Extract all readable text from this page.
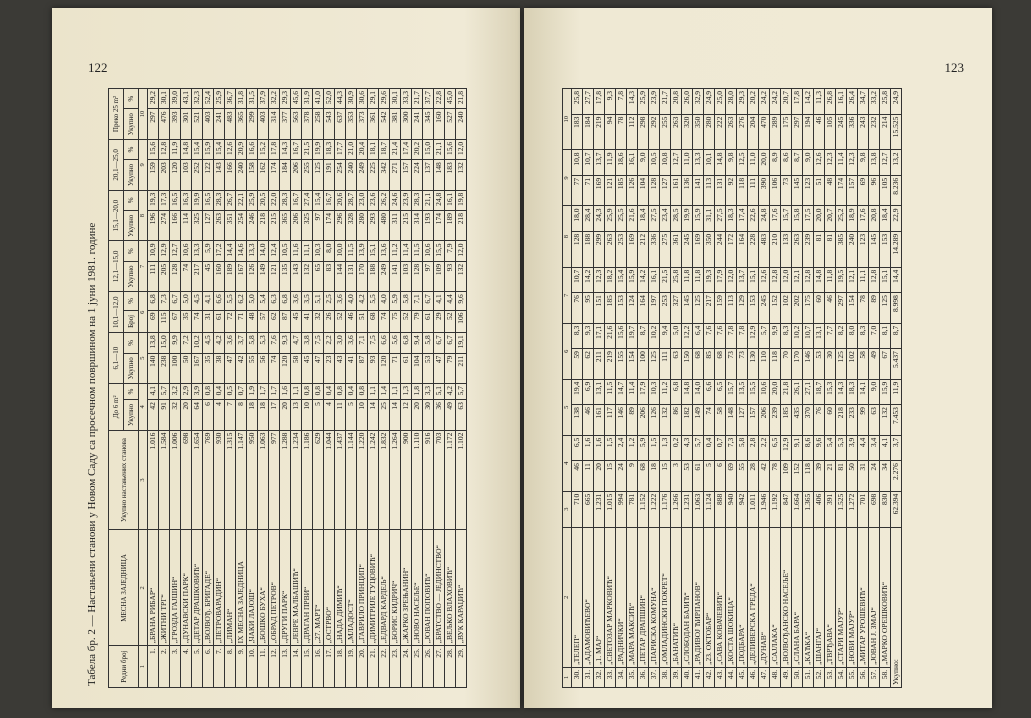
122
Табела бр. 2 — Настањени станови у Новом Саду са просечном површином на 1 јуни 1981. године	Редни број	МЕСНА ЗАЈЕДНИЦА	Укупно настањених станова	До 6 m²		6,1—10		10,1—12,0		12,1—15,0		15,1—20,0		20,1—25,0		Преко 25 m²	
			Укупно	%	Укупно	%	Број	%	Укупно	%	Укупно	%	Укупно	%	Укупно	%
1	2	3	4		5		6		7		8		9		10	
1.	„БРАНА РИБАР“	1.016	42	4,1	140	13,8	69	6,8	111	10,9	196	19,3	159	15,6	297	29,2
2.	„ЖИТНИ ТРГ“	1.584	91	5,7	238	15,0	115	7,3	205	12,9	274	17,3	203	12,8	476	30,1
3.	„ГРОЗДА ГАЈШИН“	1.006	32	3,2	100	9,9	67	6,7	128	12,7	166	16,5	120	11,9	393	39,0
4.	„ДУНАВСКИ ПАРК“	698	20	2,9	50	7,2	35	5,0	74	10,6	114	16,3	103	14,8	301	43,1
5.	„ДЕТАР ДРАШКОВИЋ“	1.654	64	3,9	167	10,2	74	4,5	217	13,3	325	19,9	252	15,4	521	32,3
6.	„ВОЈВОЂ. БРИГАДЕ“	769	6	0,8	35	4,5	31	4,1	45	5,9	127	16,5	122	15,9	403	52,4
7.	„ПЕТРОВАРАДИН“	930	4	0,4	38	4,2	61	6,6	160	17,2	263	28,3	143	15,4	241	25,9
8.	„ЛИМАН“	1.315	7	0,5	47	3,6	72	5,5	189	14,4	351	26,7	166	12,6	483	36,7
9.	IX МЕСНА ЗАЈЕДНИЦА	1.147	8	0,7	42	3,7	71	6,2	167	14,6	254	22,1	240	20,9	365	31,8
10.	„ЧАКИ ЛАЈОШ“	950	18	1,9	55	5,8	48	5,0	126	13,3	246	25,9	158	16,6	299	31,5
11.	„БОШКО БУХА“	1.063	18	1,7	56	5,3	57	5,4	149	14,0	218	20,5	162	15,2	403	37,9
12.	„ОБРАД ПЕТРОВ“	977	17	1,7	74	7,6	62	6,3	121	12,4	215	22,0	174	17,8	314	32,2
13.	„ДРУГИ ПАРК“	1.288	20	1,6	120	9,3	87	6,8	135	10,5	365	28,3	184	14,3	377	29,3
14.	„ЈЕВРЕ МАЛБАШИЋ“	1.234	13	1,1	58	4,7	45	3,6	143	11,6	206	16,7	206	16,7	563	45,6
15.	„ДРАГАН ПРВИ“	1.186	10	0,8	45	3,8	41	3,5	132	11,1	325	27,4	255	21,5	378	31,9
16.	„27. МАРТ“	629	5	0,8	47	7,5	32	5,1	65	10,3	97	15,4	125	19,9	258	41,0
17.	„ОСТРВО“	1.044	4	0,4	23	2,2	26	2,5	83	8,0	174	16,7	191	18,3	543	52,0
18.	„НАДА ДИМИЋ“	1.437	11	0,8	43	3,0	52	3,6	144	10,0	296	20,6	254	17,7	637	44,3
19.	„МЛАДОСТ“	1.144	5	0,4	41	3,6	46	4,0	131	11,5	328	28,7	240	21,0	353	30,9
20.	„ГАВРИЛО ПРИНЦИП“	1.220	10	0,8	87	7,1	51	4,2	170	13,9	280	23,0	249	20,4	373	30,6
21.	„ДИМИТРИЈЕ ТУЦОВИЋ“	1.242	14	1,1	93	7,5	68	5,5	188	15,1	293	23,6	225	18,1	361	29,1
22.	„ЕДВАРД КАРДЕЉ“	1.832	25	1,4	120	6,6	74	4,0	249	13,6	480	26,2	342	18,7	542	29,6
23.	„БОРИС КИДРИЧ“	1.264	14	1,1	71	5,6	75	5,9	141	11,2	311	24,6	271	21,4	381	30,1
24.	„ЖАРКО ЗРЕЊАНИН“	900	12	1,3	61	6,8	52	5,8	103	11,4	215	23,9	157	17,4	300	33,3
25.	„НОВО НАСЕЉЕ“	1.110	20	1,8	104	9,4	79	7,1	128	11,5	314	28,3	224	20,2	241	21,7
26.	„ЈОВАН ПОПОВИЋ“	916	30	3,3	53	5,8	61	6,7	97	10,6	193	21,1	137	15,0	345	37,7
27.	„БРАТСТВО — ЈЕДИНСТВО“	703	36	5,1	47	6,7	29	4,1	109	15,5	174	24,8	148	21,1	160	22,8
28.	„ВЕЉКО ВЛАХОВИЋ“	1.172	49	4,2	79	6,7	52	4,4	93	7,9	189	16,1	183	15,6	527	45,0
29.	„ВУК КАРАЏИЋ“	1.102	63	5,7	211	19,1	106	9,6	132	12,0	218	19,8	132	12,0	240	21,8
123
1	2	3	4		5		6		7		8		9		10	
30.	„ТЕЛЕП“	710	46	6,5	138	19,4	59	8,3	76	10,7	128	18,0	77	10,8	183	25,8
31.	„АДАМОВИЋЕВО“	665	11	1,6	46	6,9	62	9,3	95	14,2	188	28,4	71	10,7	184	27,7
32.	„1. МАЈ“	1.231	20	1,6	161	13,1	211	17,1	151	12,3	299	24,3	169	13,7	219	17,8
33.	„СВЕТОЗАР МАРКОВИЋ“	1.015	15	1,5	117	11,5	219	21,6	185	18,2	263	25,9	121	11,9	94	9,3
34.	„РАДНИЧКИ“	994	24	2,4	146	14,7	155	15,6	153	15,4	253	25,5	185	18,6	78	7,8
35.	„МАРА МАКСИЋ“	781	9	1,2	89	11,4	154	19,7	124	15,9	169	21,6	126	16,1	112	14,3
36.	„ПЕТАР ДРАПШИН“	1.152	68	5,9	206	17,9	100	8,7	164	14,2	212	18,4	104	9,0	298	25,9
37.	„ПАРИСКА КОМУНА“	1.222	18	1,5	126	10,3	125	10,2	197	16,1	336	27,5	128	10,5	292	23,9
38.	„ОМЛАДИНСКИ ПОКРЕТ“	1.176	15	1,3	132	11,2	111	9,4	253	21,5	275	23,4	127	10,8	255	21,7
39.	„БАНАТИЋ“	1.266	3	0,2	86	6,8	63	5,0	327	25,8	361	28,5	161	12,7	263	20,8
40.	„СЛОБОДАН БАЈИЋ“	1.231	53	4,3	182	14,8	150	12,2	145	11,8	245	19,9	136	11,0	320	26,0
41.	„РАДИВОЈ ЋИРПАНОВ“	1.063	61	5,7	149	14,0	68	6,4	125	11,8	169	15,9	141	13,3	350	32,9
42.	„23. ОКТОБАР“	1.124	5	0,4	74	6,6	85	7,6	217	19,3	350	31,1	113	10,1	280	24,9
43.	„САВА КОВАЧЕВИЋ“	888	6	0,7	58	6,5	68	7,6	159	17,9	244	27,5	131	14,8	222	25,0
44.	„КОСТА ШОКИЦА“	940	69	7,3	148	15,7	73	7,8	113	12,0	172	18,3	92	9,8	263	28,0
45.	„ПОДБАРА“	942	55	5,8	127	13,5	73	7,8	129	13,7	164	17,4	118	12,5	276	29,3
46.	„ДЕЛИВЕРСКА ГРЕДА“	1.011	28	2,8	157	15,5	130	12,9	153	15,1	228	22,6	111	11,0	204	20,2
47.	„ДУНАВ“	1.946	42	2,2	206	10,6	110	5,7	245	12,6	483	24,8	390	20,0	470	24,2
48.	„САЈЛАКА“	1.192	78	6,5	239	20,0	118	9,9	152	12,8	210	17,6	106	8,9	289	24,2
49.	„ВОЈВОЂАНСКО НАСЕЉЕ“	847	109	12,9	185	21,8	70	8,3	102	12,0	133	15,7	73	8,6	175	20,7
50.	„СЛАНА БАРА“	1.664	152	9,1	435	26,1	170	10,2	202	12,1	263	15,8	145	8,7	297	17,8
51.	„КАЋКА“	1.365	118	8,6	370	27,1	146	10,7	175	12,8	239	17,5	123	9,0	194	14,2
52.	„ШАНГАЈ“	406	39	9,6	76	18,7	53	13,1	60	14,8	81	20,0	51	12,6	46	11,3
53.	„ТВРЂАВА“	391	21	5,4	60	15,3	30	7,7	46	11,8	81	20,7	48	12,3	105	26,8
54.	„СТАРИ МАЈУР“	1.525	81	5,3	218	14,3	125	8,2	297	19,5	385	25,2	174	11,4	245	16,1
55.	„НОВИ МАЈУР“	1.272	50	3,9	233	18,3	102	8,0	154	12,1	240	18,9	157	12,3	336	26,4
56.	„МИТАР УРОШЕВИЋ“	701	31	4,4	99	14,1	58	8,3	78	11,1	123	17,6	69	9,8	243	34,7
57.	„ЈОВАН Ј. ЗМАЈ“	698	24	3,4	63	9,0	49	7,0	89	12,8	145	20,8	96	13,8	232	33,2
58.	„МАРКО ОРЕШКОВИЋ“	830	34	4,1	132	15,9	67	8,1	125	15,1	153	18,4	105	12,7	214	25,8
Укупно:		62.394	2.276	3,7	7.453	11,9	5.437	8,7	8.998	14,4	14.289	22,9	8.236	13,2	15.525	24,9
